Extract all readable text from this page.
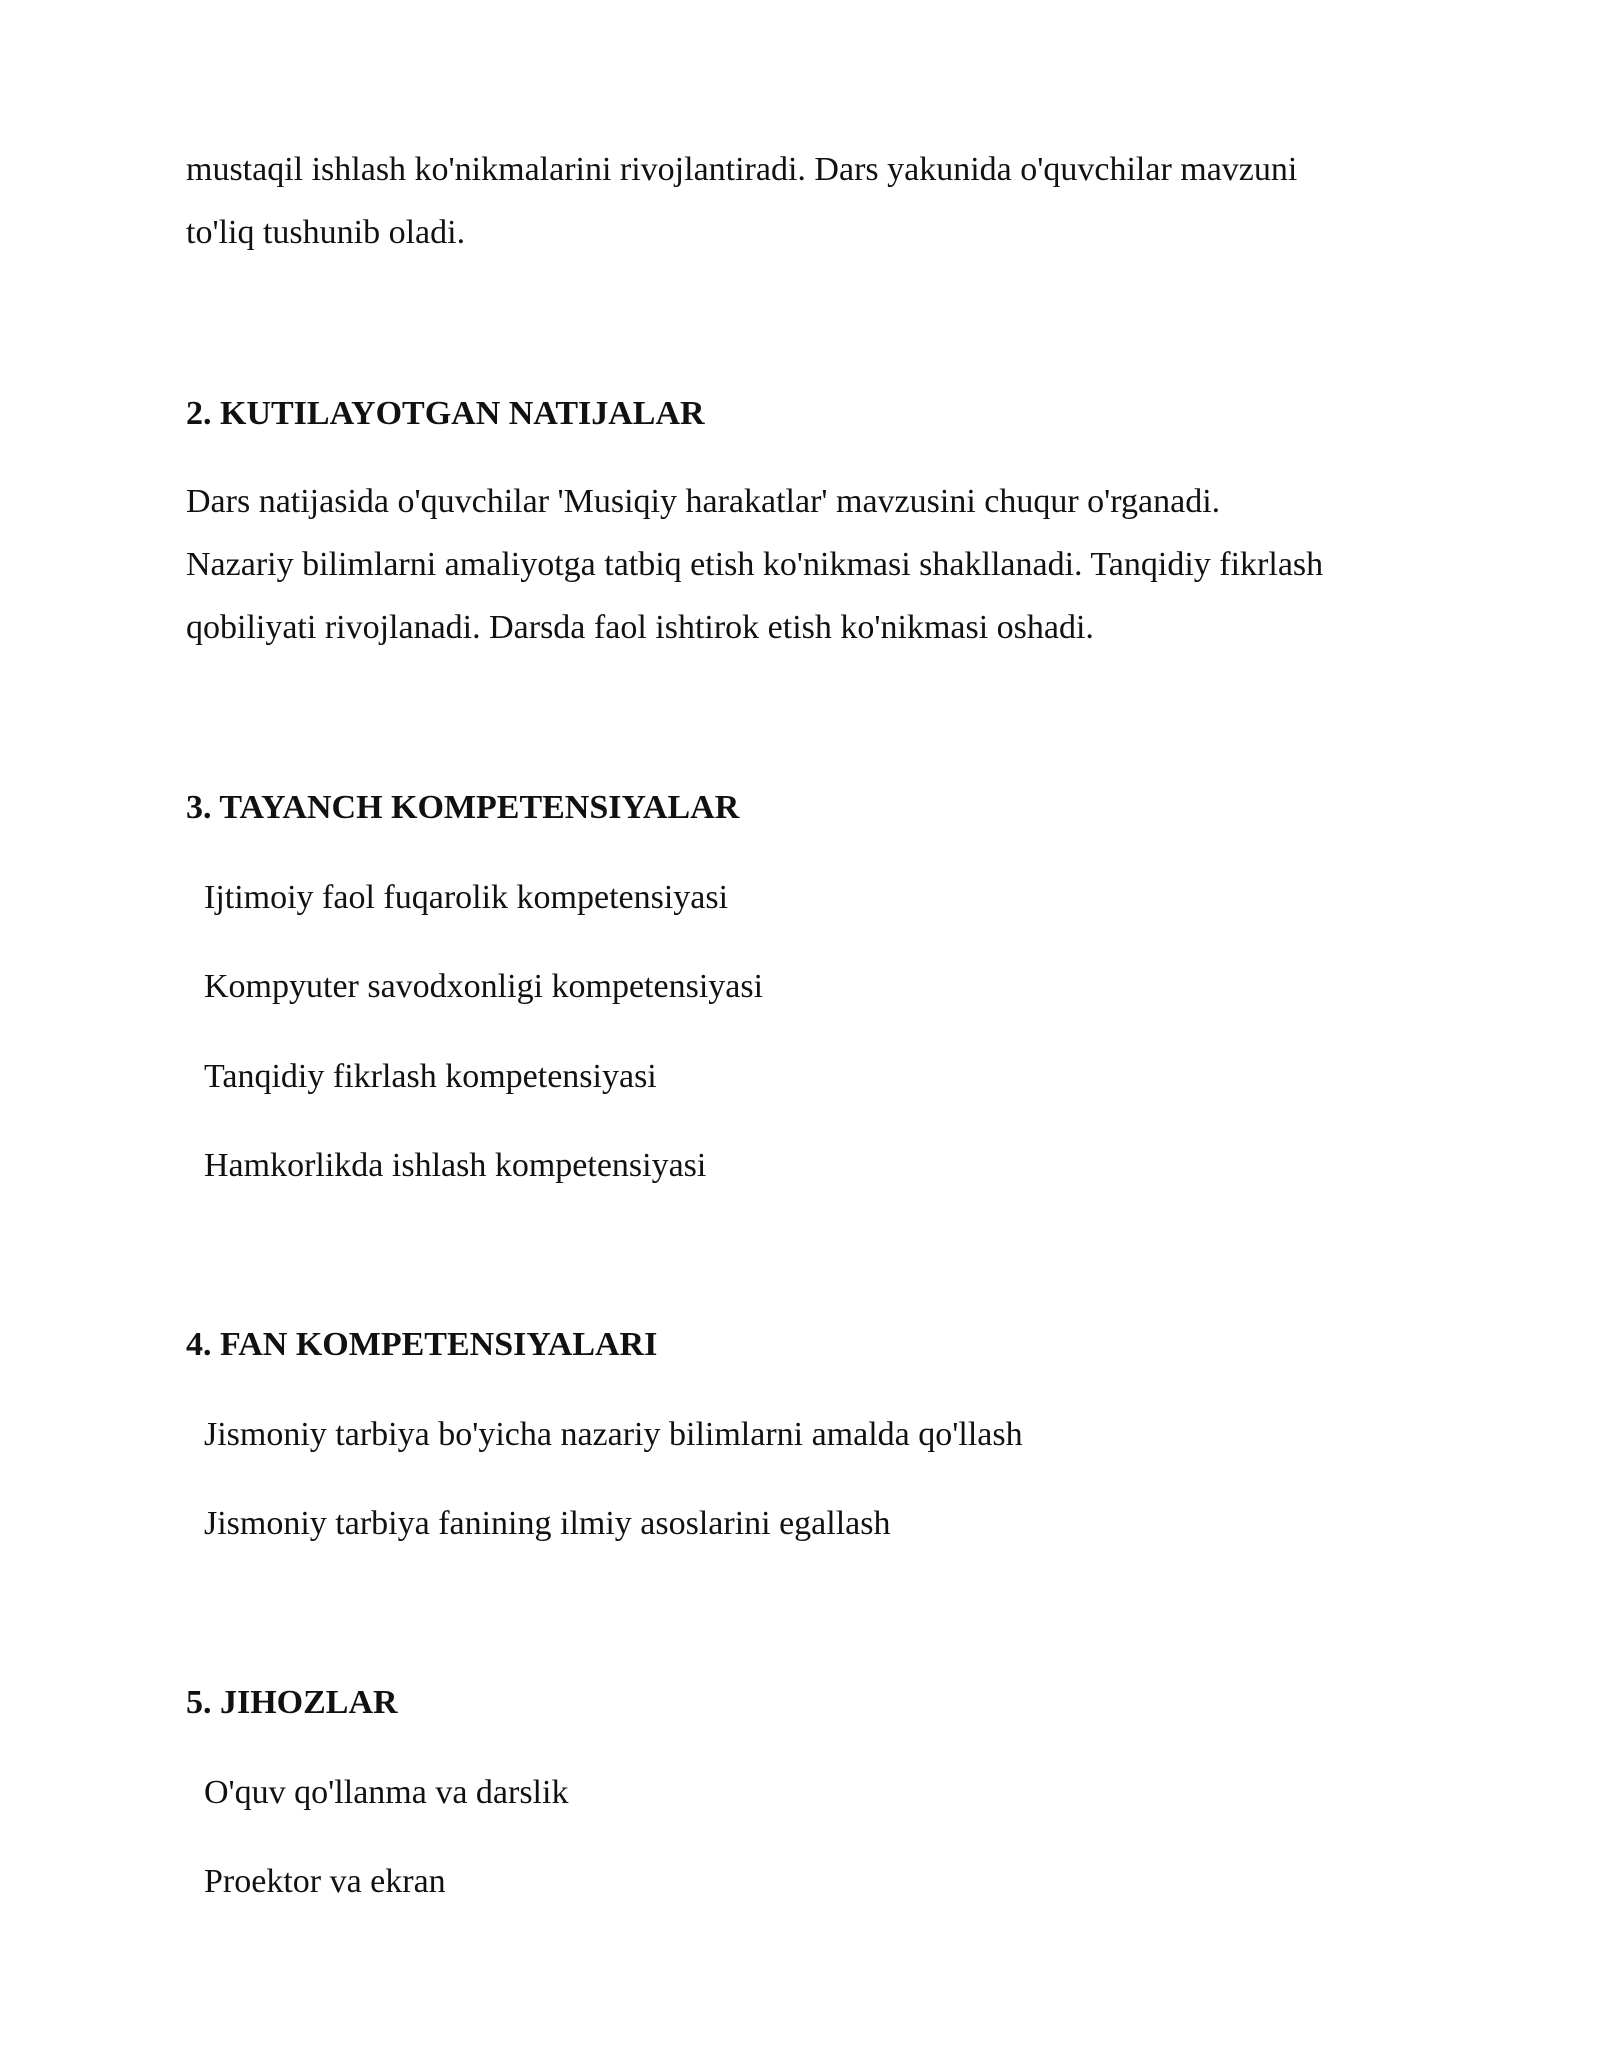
mustaqil ishlash ko'nikmalarini rivojlantiradi. Dars yakunida o'quvchilar mavzuni
to'liq tushunib oladi.

2. KUTILAYOTGAN NATIJALAR

Dars natijasida o'quvchilar 'Musiqiy harakatlar' mavzusini chuqur o'rganadi.
Nazariy bilimlarni amaliyotga tatbiq etish ko'nikmasi shakllanadi. Tanqidiy fikrlash
qobiliyati rivojlanadi. Darsda faol ishtirok etish ko'nikmasi oshadi.

3. TAYANCH KOMPETENSIYALAR

Ijtimoiy faol fuqarolik kompetensiyasi

Kompyuter savodxonligi kompetensiyasi

Tanqidiy fikrlash kompetensiyasi

Hamkorlikda ishlash kompetensiyasi

4. FAN KOMPETENSIYALARI

Jismoniy tarbiya bo'yicha nazariy bilimlarni amalda qo'llash

Jismoniy tarbiya fanining ilmiy asoslarini egallash

5. JIHOZLAR

O'quv qo'llanma va darslik

Proektor va ekran
